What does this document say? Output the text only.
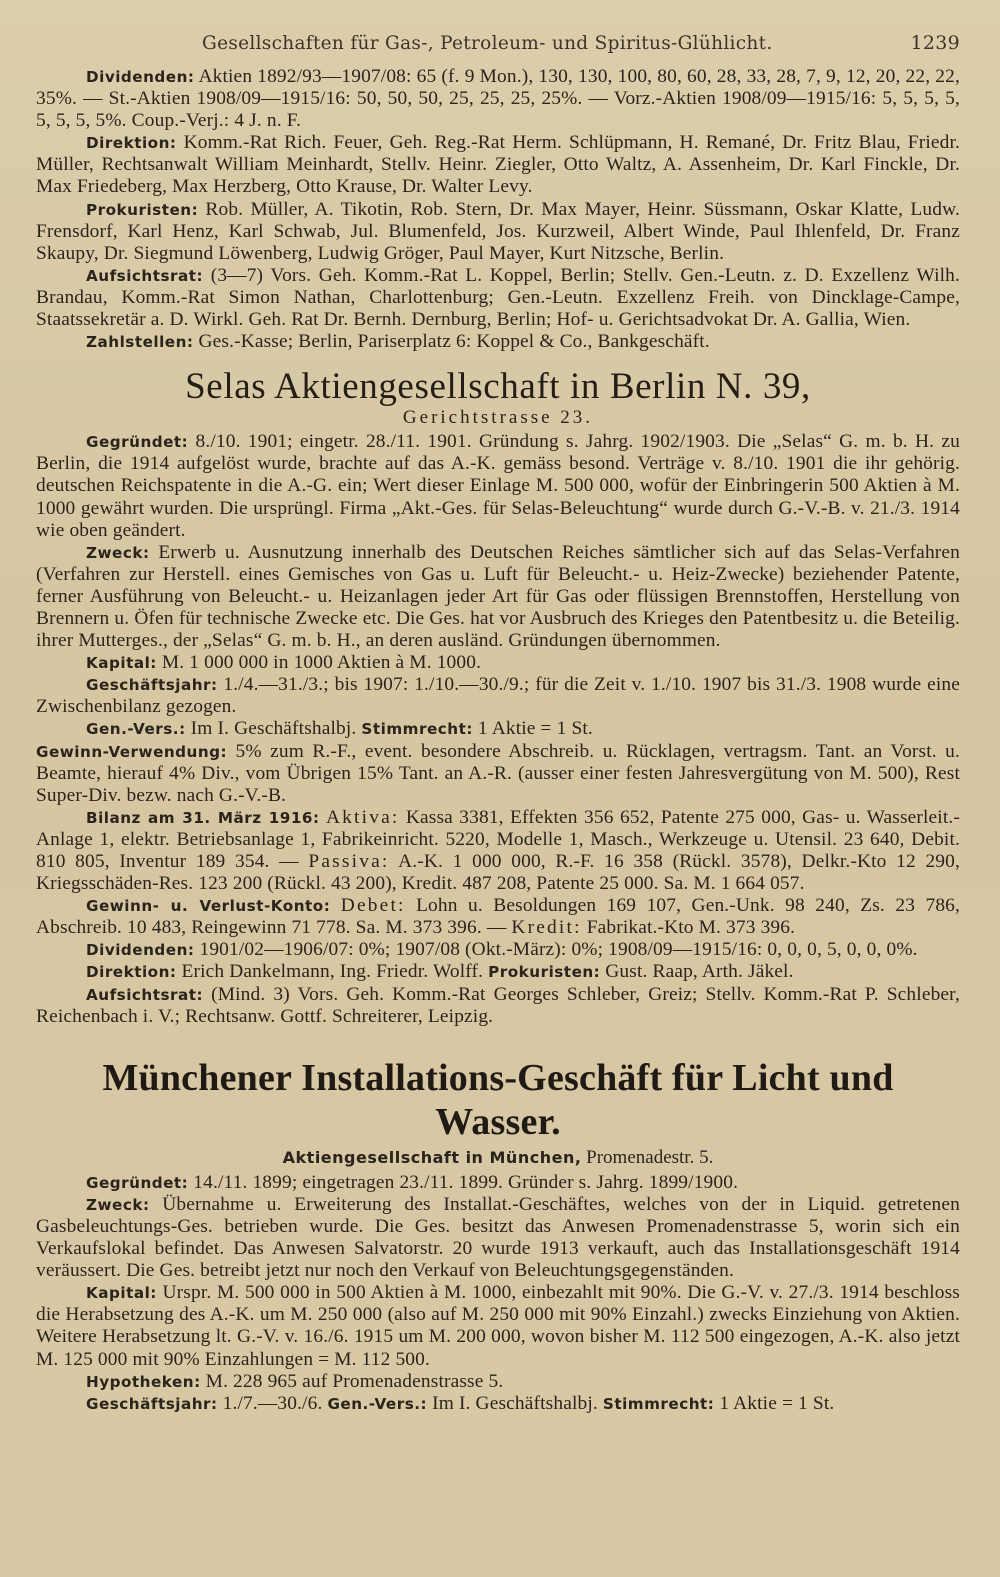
Gesellschaften für Gas-, Petroleum- und Spiritus-Glühlicht.	1239

Dividenden: Aktien 1892/93—1907/08: 65 (f. 9 Mon.), 130, 130, 100, 80, 60, 28, 33, 28, 7, 9, 12, 20, 22, 22, 35%. — St.-Aktien 1908/09—1915/16: 50, 50, 50, 25, 25, 25, 25%. — Vorz.-Aktien 1908/09—1915/16: 5, 5, 5, 5, 5, 5, 5, 5%. Coup.-Verj.: 4 J. n. F.

Direktion: Komm.-Rat Rich. Feuer, Geh. Reg.-Rat Herm. Schlüpmann, H. Remané, Dr. Fritz Blau, Friedr. Müller, Rechtsanwalt William Meinhardt, Stellv. Heinr. Ziegler, Otto Waltz, A. Assenheim, Dr. Karl Finckle, Dr. Max Friedeberg, Max Herzberg, Otto Krause, Dr. Walter Levy.

Prokuristen: Rob. Müller, A. Tikotin, Rob. Stern, Dr. Max Mayer, Heinr. Süssmann, Oskar Klatte, Ludw. Frensdorf, Karl Henz, Karl Schwab, Jul. Blumenfeld, Jos. Kurzweil, Albert Winde, Paul Ihlenfeld, Dr. Franz Skaupy, Dr. Siegmund Löwenberg, Ludwig Gröger, Paul Mayer, Kurt Nitzsche, Berlin.

Aufsichtsrat: (3—7) Vors. Geh. Komm.-Rat L. Koppel, Berlin; Stellv. Gen.-Leutn. z. D. Exzellenz Wilh. Brandau, Komm.-Rat Simon Nathan, Charlottenburg; Gen.-Leutn. Exzellenz Freih. von Dincklage-Campe, Staatssekretär a. D. Wirkl. Geh. Rat Dr. Bernh. Dernburg, Berlin; Hof- u. Gerichtsadvokat Dr. A. Gallia, Wien.

Zahlstellen: Ges.-Kasse; Berlin, Pariserplatz 6: Koppel & Co., Bankgeschäft.

Selas Aktiengesellschaft in Berlin N. 39,
Gerichtstrasse 23.

Gegründet: 8./10. 1901; eingetr. 28./11. 1901. Gründung s. Jahrg. 1902/1903. Die „Selas“ G. m. b. H. zu Berlin, die 1914 aufgelöst wurde, brachte auf das A.-K. gemäss besond. Verträge v. 8./10. 1901 die ihr gehörig. deutschen Reichspatente in die A.-G. ein; Wert dieser Einlage M. 500 000, wofür der Einbringerin 500 Aktien à M. 1000 gewährt wurden. Die ursprüngl. Firma „Akt.-Ges. für Selas-Beleuchtung“ wurde durch G.-V.-B. v. 21./3. 1914 wie oben geändert.

Zweck: Erwerb u. Ausnutzung innerhalb des Deutschen Reiches sämtlicher sich auf das Selas-Verfahren (Verfahren zur Herstell. eines Gemisches von Gas u. Luft für Beleucht.- u. Heiz-Zwecke) beziehender Patente, ferner Ausführung von Beleucht.- u. Heizanlagen jeder Art für Gas oder flüssigen Brennstoffen, Herstellung von Brennern u. Öfen für technische Zwecke etc. Die Ges. hat vor Ausbruch des Krieges den Patentbesitz u. die Beteilig. ihrer Mutterges., der „Selas“ G. m. b. H., an deren ausländ. Gründungen übernommen.

Kapital: M. 1 000 000 in 1000 Aktien à M. 1000.

Geschäftsjahr: 1./4.—31./3.; bis 1907: 1./10.—30./9.; für die Zeit v. 1./10. 1907 bis 31./3. 1908 wurde eine Zwischenbilanz gezogen.

Gen.-Vers.: Im I. Geschäftshalbj. Stimmrecht: 1 Aktie = 1 St.

Gewinn-Verwendung: 5% zum R.-F., event. besondere Abschreib. u. Rücklagen, vertragsm. Tant. an Vorst. u. Beamte, hierauf 4% Div., vom Übrigen 15% Tant. an A.-R. (ausser einer festen Jahresvergütung von M. 500), Rest Super-Div. bezw. nach G.-V.-B.

Bilanz am 31. März 1916: Aktiva: Kassa 3381, Effekten 356 652, Patente 275 000, Gas- u. Wasserleit.-Anlage 1, elektr. Betriebsanlage 1, Fabrikeinricht. 5220, Modelle 1, Masch., Werkzeuge u. Utensil. 23 640, Debit. 810 805, Inventur 189 354. — Passiva: A.-K. 1 000 000, R.-F. 16 358 (Rückl. 3578), Delkr.-Kto 12 290, Kriegsschäden-Res. 123 200 (Rückl. 43 200), Kredit. 487 208, Patente 25 000. Sa. M. 1 664 057.

Gewinn- u. Verlust-Konto: Debet: Lohn u. Besoldungen 169 107, Gen.-Unk. 98 240, Zs. 23 786, Abschreib. 10 483, Reingewinn 71 778. Sa. M. 373 396. — Kredit: Fabrikat.-Kto M. 373 396.

Dividenden: 1901/02—1906/07: 0%; 1907/08 (Okt.-März): 0%; 1908/09—1915/16: 0, 0, 0, 5, 0, 0, 0%.

Direktion: Erich Dankelmann, Ing. Friedr. Wolff. Prokuristen: Gust. Raap, Arth. Jäkel.

Aufsichtsrat: (Mind. 3) Vors. Geh. Komm.-Rat Georges Schleber, Greiz; Stellv. Komm.-Rat P. Schleber, Reichenbach i. V.; Rechtsanw. Gottf. Schreiterer, Leipzig.

Münchener Installations-Geschäft für Licht und Wasser.
Aktiengesellschaft in München, Promenadestr. 5.

Gegründet: 14./11. 1899; eingetragen 23./11. 1899. Gründer s. Jahrg. 1899/1900.

Zweck: Übernahme u. Erweiterung des Installat.-Geschäftes, welches von der in Liquid. getretenen Gasbeleuchtungs-Ges. betrieben wurde. Die Ges. besitzt das Anwesen Promenadenstrasse 5, worin sich ein Verkaufslokal befindet. Das Anwesen Salvatorstr. 20 wurde 1913 verkauft, auch das Installationsgeschäft 1914 veräussert. Die Ges. betreibt jetzt nur noch den Verkauf von Beleuchtungsgegenständen.

Kapital: Urspr. M. 500 000 in 500 Aktien à M. 1000, einbezahlt mit 90%. Die G.-V. v. 27./3. 1914 beschloss die Herabsetzung des A.-K. um M. 250 000 (also auf M. 250 000 mit 90% Einzahl.) zwecks Einziehung von Aktien. Weitere Herabsetzung lt. G.-V. v. 16./6. 1915 um M. 200 000, wovon bisher M. 112 500 eingezogen, A.-K. also jetzt M. 125 000 mit 90% Einzahlungen = M. 112 500.

Hypotheken: M. 228 965 auf Promenadenstrasse 5.

Geschäftsjahr: 1./7.—30./6. Gen.-Vers.: Im I. Geschäftshalbj. Stimmrecht: 1 Aktie = 1 St.
